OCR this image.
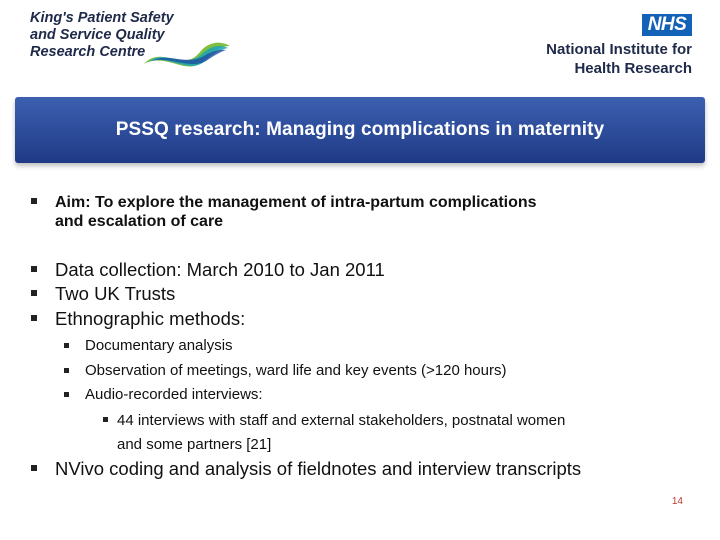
King's Patient Safety
and Service Quality
Research Centre
NHS
National Institute for
Health Research
PSSQ research: Managing complications in maternity
Aim: To explore the management of intra-partum complications
and escalation of care
Data collection: March 2010 to Jan 2011
Two UK Trusts
Ethnographic methods:
Documentary analysis
Observation of meetings, ward life and key events (>120 hours)
Audio-recorded interviews:
44 interviews with staff and external stakeholders, postnatal women
and some partners [21]
NVivo coding and analysis of fieldnotes and interview transcripts
14
